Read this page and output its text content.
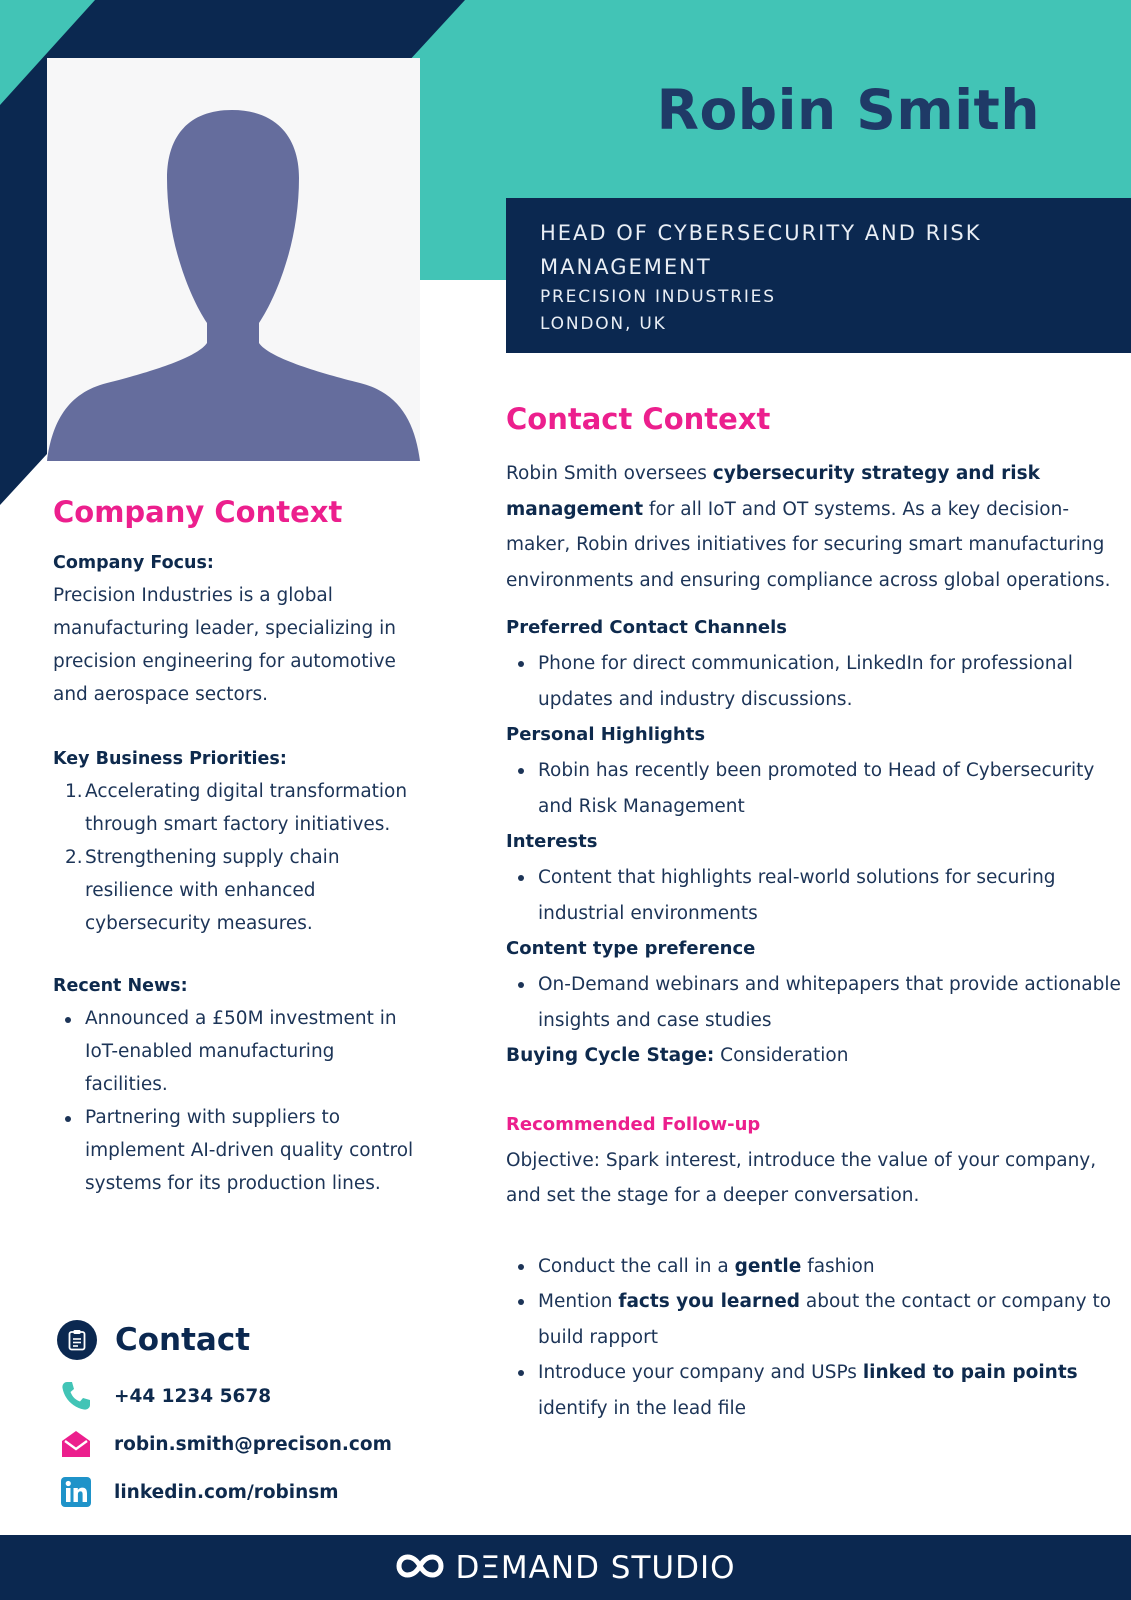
Robin Smith
HEAD OF CYBERSECURITY AND RISK
MANAGEMENT
PRECISION INDUSTRIES
LONDON, UK
Company Context
Company Focus:
Precision Industries is a global manufacturing leader, specializing in precision engineering for automotive and aerospace sectors.
Key Business Priorities:
1. Accelerating digital transformation through smart factory initiatives.
2. Strengthening supply chain resilience with enhanced cybersecurity measures.
Recent News:
Announced a £50M investment in IoT-enabled manufacturing facilities.
Partnering with suppliers to implement AI-driven quality control systems for its production lines.
Contact
+44 1234 5678
robin.smith@precison.com
linkedin.com/robinsm
Contact Context

Robin Smith oversees cybersecurity strategy and risk management for all IoT and OT systems. As a key decision-maker, Robin drives initiatives for securing smart manufacturing environments and ensuring compliance across global operations.

Preferred Contact Channels
Phone for direct communication, LinkedIn for professional updates and industry discussions.
Personal Highlights
Robin has recently been promoted to Head of Cybersecurity and Risk Management
Interests
Content that highlights real-world solutions for securing industrial environments
Content type preference
On-Demand webinars and whitepapers that provide actionable insights and case studies

Buying Cycle Stage: Consideration

Recommended Follow-up

Objective: Spark interest, introduce the value of your company, and set the stage for a deeper conversation.

Conduct the call in a gentle fashion
Mention facts you learned about the contact or company to build rapport
Introduce your company and USPs linked to pain points identify in the lead file
DΞMAND STUDIO
